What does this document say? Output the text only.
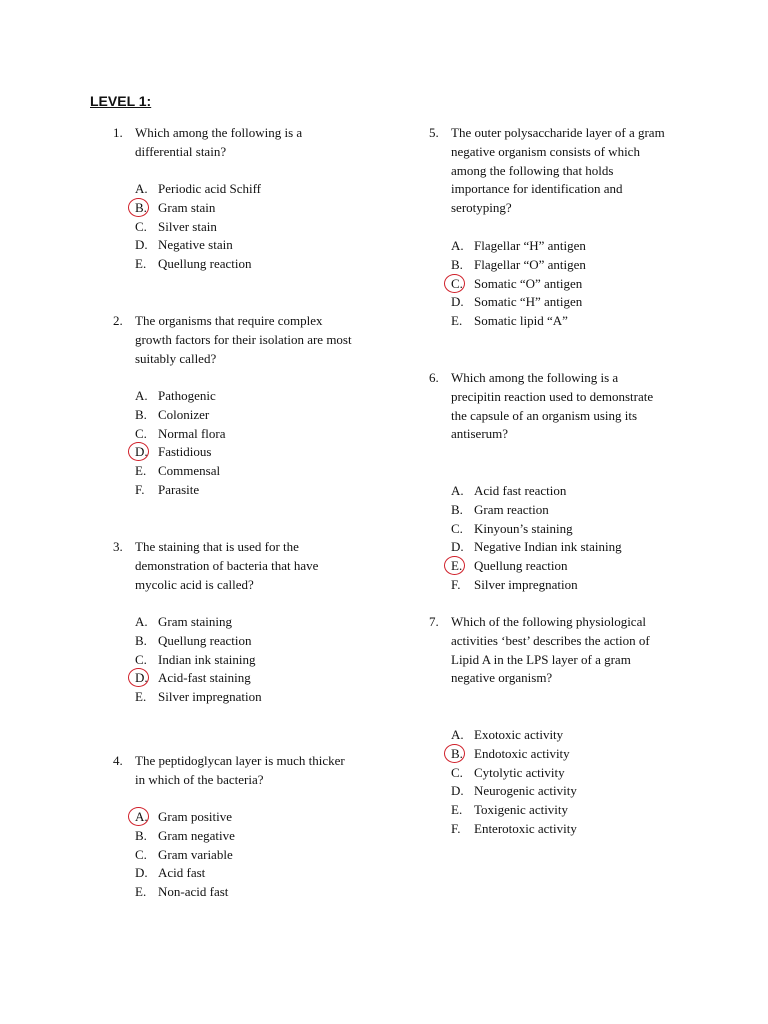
LEVEL 1:
1. Which among the following is a differential stain?
A. Periodic acid Schiff
B. Gram stain
C. Silver stain
D. Negative stain
E. Quellung reaction
2. The organisms that require complex growth factors for their isolation are most suitably called?
A. Pathogenic
B. Colonizer
C. Normal flora
D. Fastidious
E. Commensal
F. Parasite
3. The staining that is used for the demonstration of bacteria that have mycolic acid is called?
A. Gram staining
B. Quellung reaction
C. Indian ink staining
D. Acid-fast staining
E. Silver impregnation
4. The peptidoglycan layer is much thicker in which of the bacteria?
A. Gram positive
B. Gram negative
C. Gram variable
D. Acid fast
E. Non-acid fast
5. The outer polysaccharide layer of a gram negative organism consists of which among the following that holds importance for identification and serotyping?
A. Flagellar “H” antigen
B. Flagellar “O” antigen
C. Somatic “O” antigen
D. Somatic “H” antigen
E. Somatic lipid “A”
6. Which among the following is a precipitin reaction used to demonstrate the capsule of an organism using its antiserum?
A. Acid fast reaction
B. Gram reaction
C. Kinyoun’s staining
D. Negative Indian ink staining
E. Quellung reaction
F. Silver impregnation
7. Which of the following physiological activities ‘best’ describes the action of Lipid A in the LPS layer of a gram negative organism?
A. Exotoxic activity
B. Endotoxic activity
C. Cytolytic activity
D. Neurogenic activity
E. Toxigenic activity
F. Enterotoxic activity
